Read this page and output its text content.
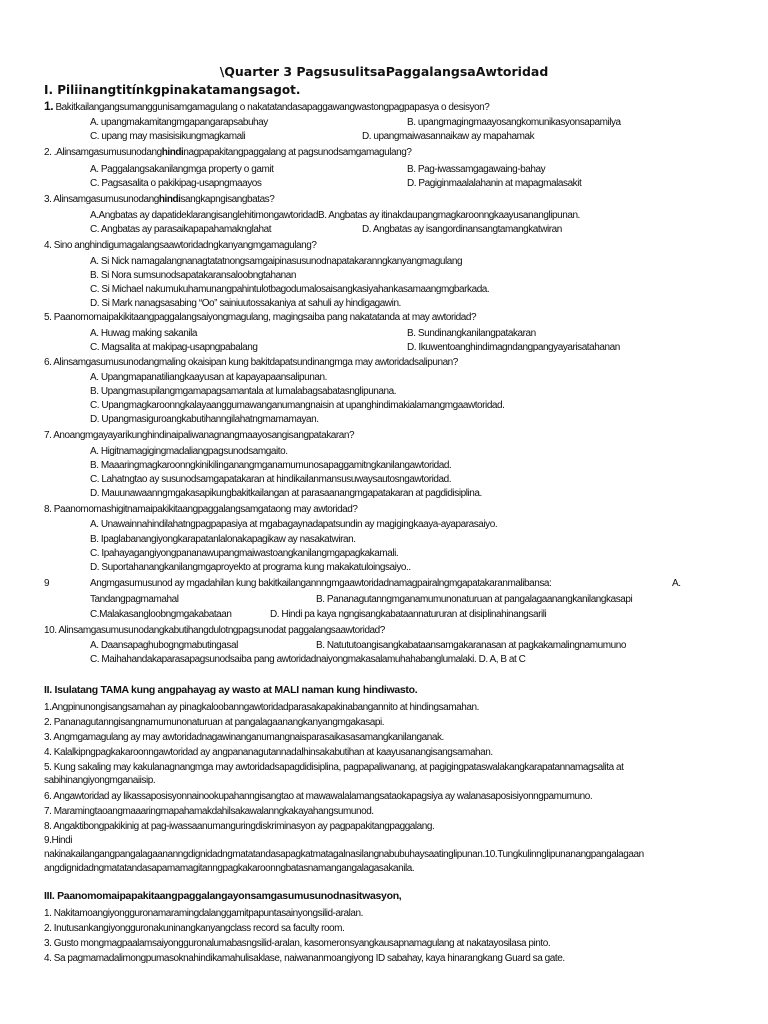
\Quarter 3 PagsusulitsaPaggalangsaAwtoridad
I. Piliinangtitínkgpinakatamangsagot.
1. Bakitkailangangsumanggunisamgamagulang o nakatatandasapaggawangwastongpagpapasya o desisyon?
A. upangmakamitangmgapangarapsabuhay	B. upangmagingmaayosangkomunikasyonsapamilya
C. upang may masisisikungmagkamali	D. upangmaiwasannaikaw ay mapahamak
2. .Alinsamgasumusunodanghindinagpapakitangpaggalang at pagsunodsamgamagulang?
A. Paggalangsakanilangmga property o gamit	B. Pag-iwassamgagawaing-bahay
C. Pagsasalita o pakikipag-usapngmaayos	D. Pagiginmaalalahanin at mapagmalasakit
3. Alinsamgasumusunodanghindisangkapngisangbatas?
A.Angbatas ay dapatideklarangisanglehitimongawtoridadB. Angbatas ay itinakdaupangmagkaroonngkaayusananglipunan.
C. Angbatas ay parasaikapapahamaknglahat	D. Angbatas ay isangordinansangtamangkatwiran
4. Sino anghindigumagalangsaawtoridadngkanyangmgamagulang?
A. Si Nick namagalangnanagtatatnongsamgaipinasusunodnapatakaranngkanyangmagulang
B. Si Nora sumsunodsapatakaransaloobngtahanan
C. Si Michael nakumukuhamunangpahintulotbagodumalosaisangkasiyahankasamaangmgbarkada.
D. Si Mark nanagsasabing “Oo” sainiuutossakaniya at sahuli ay hindigagawin.
5. Paanomomaipakikitaangpaggalangsaiyongmagulang, magingsaiba pang nakatatanda at may awtoridad?
A. Huwag making sakanila	B. Sundinangkanilangpatakaran
C. Magsalita at makipag-usapngpabalang	D. Ikuwentoanghindimagndangpangyayarisatahanan
6. Alinsamgasumusunodangmaling okaisipan kung bakitdapatsundinangmga may awtoridadsalipunan?
A. Upangmapanatiliangkaayusan at kapayapaansalipunan.
B. Upangmasupilangmgamapagsamantala at lumalabagsabatasnglipunana.
C. Upangmagkaroonngkalayaanggumawanganumangnaisin at upanghindimakialamangmgaawtoridad.
D. Upangmasiguroangkabutihanngilahatngmamamayan.
7. Anoangmgayayarikunghindinaipaliwanagnangmaayosangisangpatakaran?
A. Higitnamagigingmadaliangpagsunodsamgaito.
B. Maaaringmagkaroonngkinikilinganangmganamumunosapaggamitngkanilangawtoridad.
C. Lahatngtao ay susunodsamgapatakaran at hindikailanmansusuwaysautosngawtoridad.
D. Mauunawaanngmgakasapikungbakitkailangan at parasaanangmgapatakaran at pagdidisiplina.
8. Paanomomashigitnamaipakikitaangpaggalangsamgataong may awtoridad?
A. Unawainnahindilahatngpagpapasiya at mgabagaynadapatsundin ay magigingkaaya-ayaparasaiyo.
B. Ipaglabanangiyongkarapatanlalonakapagikaw ay nasakatwiran.
C. Ipahayagangiyongpananawupangmaiwastoangkanilangmgapagkakamali.
D. Suportahanangkanilangmgaproyekto at programa kung makakatuloingsaiyo..
9	Angmgasumusunod ay mgadahilan kung bakitkailangannngmgaawtoridadnamagpairalngmgapatakaranmalibansa:	A.
Tandangpagmamahal	B. Pananagutanngmganamumunonaturuan at pangalagaanangkanilangkasapi
C.Malakasangloobngmgakabataan	D. Hindi pa kaya ngngisangkabataannatururan at disiplinahinangsarili
10. Alinsamgasumusunodangkabutihangdulotngpagsunodat paggalangsaawtoridad?
A. Daansapaghubogngmabutingasal	B. Natututoangisangkabataansamgakaranasan at pagkakamalingnamumuno
C. Maihahandakaparasapagsunodsaiba pang awtoridadnaiyongmakasalamuhahabanglumalaki. D. A, B at C
II. Isulatang TAMA kung angpahayag ay wasto at MALI naman kung hindiwasto.
1.Angpinunongisangsamahan ay pinagkaloobanngawtoridadparasakapakinabangannito at hindingsamahan.
2. Pananagutanngisangnamumunonaturuan at pangalagaanangkanyangmgakasapi.
3. Angmgamagulang ay may awtoridadnagawinanganumangnaisparasaikasasamangkanilanganak.
4. Kalalkipngpagkakaroonngawtoridad ay angpananagutannadalhinsakabutihan at kaayusanangisangsamahan.
5. Kung sakaling may kakulanagnangmga may awtoridadsapagdidisiplina, pagpapaliwanang, at pagigingpataswalakangkarapatannamagsalita at
sabihinangiyongmganaiisip.
6. Angawtoridad ay likassaposisyonnainookupahanngisangtao at mawawalalamangsataokapagsiya ay walanasaposisiyonngpamumuno.
7. Maramingtaoangmaaaringmapahamakdahilsakawalanngkakayahangsumunod.
8. Angaktibongpakikinig at pag-iwassaanumanguringdiskriminasyon ay pagpapakitangpaggalang.
9.Hindi
nakinakailangangpangalagaananngdignidadngmatatandasapagkatmatagalnasilangnabubuhaysaatinglipunan.10.Tungkulinnglipunanangpangalagaan
angdignidadngmatatandasapamamagitanngpagkakaroonngbatasnamangangalagasakanila.
III. Paanomomaipapakitaangpaggalangayonsamgasumusunodnasitwasyon,
1. Nakitamoangiyongguronamaramingdalanggamitpapuntasainyongsilid-aralan.
2. Inutusankangiyongguronakuninangkanyangclass record sa faculty room.
3. Gusto mongmagpaalamsaiyongguronalumabasngsilid-aralan, kasomeronsyangkausapnamagulang at nakatayosilasa pinto.
4. Sa pagmamadalimongpumasoknahindikamahulisaklase, naiwananmoangiyong ID sabahay, kaya hinarangkang Guard sa gate.
